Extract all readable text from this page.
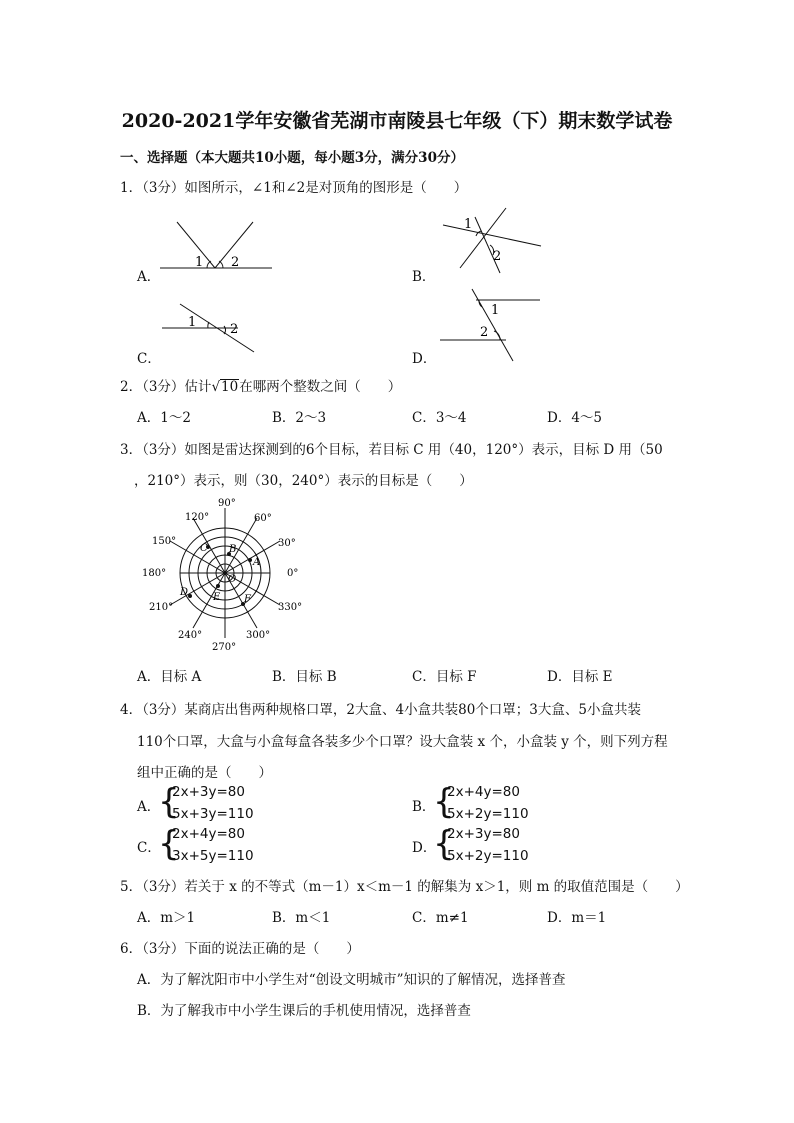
2020-2021学年安徽省芜湖市南陵县七年级（下）期末数学试卷
一、选择题（本大题共10小题，每小题3分，满分30分）
1．（3分）如图所示，∠1和∠2是对顶角的图形是（　　）
A．
1 2
B．
1
2
C．
1	2
D．
1
2
2．（3分）估计√10在哪两个整数之间（　　）
A．1～2	B．2～3	C．3～4	D．4～5
3．（3分）如图是雷达探测到的6个目标，若目标 C 用（40，120°）表示，目标 D 用（50
，210°）表示，则（30，240°）表示的目标是（　　）
90°
60°
30°
0°
330°
300°
270°
240°
210°
180°
150°
120°
A
B
C
D E F
O
A．目标 A	B．目标 B	C．目标 F	D．目标 E
4．（3分）某商店出售两种规格口罩，2大盒、4小盒共装80个口罩；3大盒、5小盒共装
110个口罩，大盒与小盒每盒各装多少个口罩？设大盒装 x 个，小盒装 y 个，则下列方程
组中正确的是（　　）
A．
{
2x+3y=80
5x+3y=110	B．
{
2x+4y=80
5x+2y=110
C．
{
2x+4y=80
3x+5y=110	D．
{
2x+3y=80
5x+2y=110
5．（3分）若关于 x 的不等式（m－1）x＜m－1 的解集为 x＞1，则 m 的取值范围是（　　）
A．m＞1	B．m＜1	C．m≠1	D．m＝1
6．（3分）下面的说法正确的是（　　）
A．为了解沈阳市中小学生对“创设文明城市”知识的了解情况，选择普查
B．为了解我市中小学生课后的手机使用情况，选择普查
